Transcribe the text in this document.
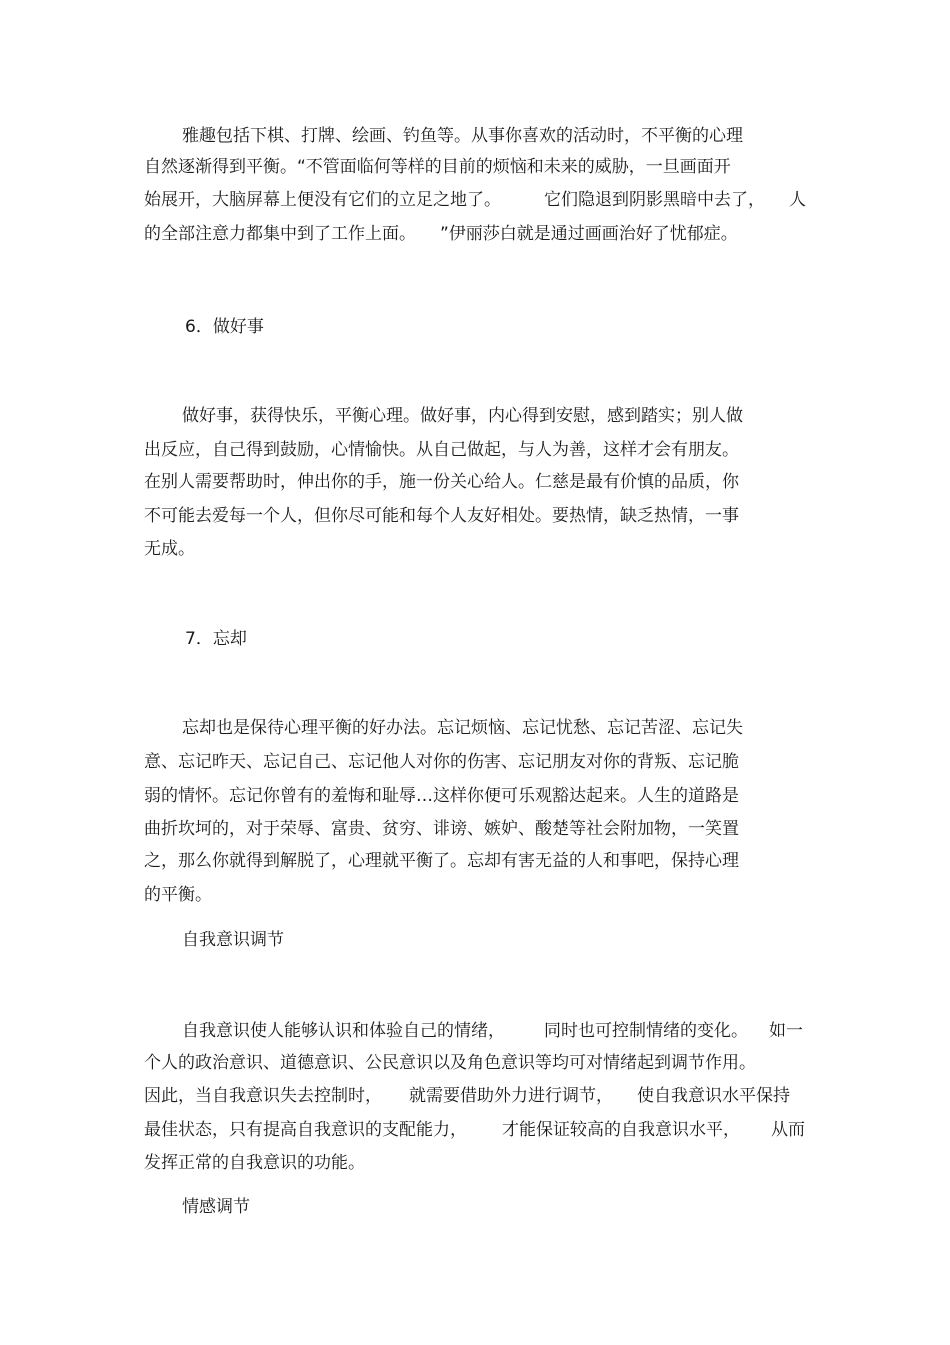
雅趣包括下棋、打牌、绘画、钓鱼等。从事你喜欢的活动时，不平衡的心理
自然逐渐得到平衡。“不管面临何等样的目前的烦恼和未来的威胁，一旦画面开
始展开，大脑屏幕上便没有它们的立足之地了。	它们隐退到阴影黑暗中去了， 人
的全部注意力都集中到了工作上面。 ”伊丽莎白就是通过画画治好了忧郁症。
6．做好事
做好事，获得快乐，平衡心理。做好事，内心得到安慰，感到踏实；别人做
出反应，自己得到鼓励，心情愉快。从自己做起，与人为善，这样才会有朋友。
在别人需要帮助时，伸出你的手，施一份关心给人。仁慈是最有价慎的品质，你
不可能去爱每一个人，但你尽可能和每个人友好相处。要热情，缺乏热情，一事
无成。
7．忘却
忘却也是保待心理平衡的好办法。忘记烦恼、忘记忧愁、忘记苦涩、忘记失
意、忘记昨天、忘记自己、忘记他人对你的伤害、忘记朋友对你的背叛、忘记脆
弱的情怀。忘记你曾有的羞悔和耻辱…这样你便可乐观豁达起来。人生的道路是
曲折坎坷的，对于荣辱、富贵、贫穷、诽谤、嫉妒、酸楚等社会附加物，一笑置
之，那么你就得到解脱了，心理就平衡了。忘却有害无益的人和事吧，保持心理
的平衡。
自我意识调节
自我意识使人能够认识和体验自己的情绪， 同时也可控制情绪的变化。 如一
个人的政治意识、道德意识、公民意识以及角色意识等均可对情绪起到调节作用。
因此，当自我意识失去控制时， 就需要借助外力进行调节， 使自我意识水平保持
最佳状态，只有提高自我意识的支配能力， 才能保证较高的自我意识水平， 从而
发挥正常的自我意识的功能。
情感调节
